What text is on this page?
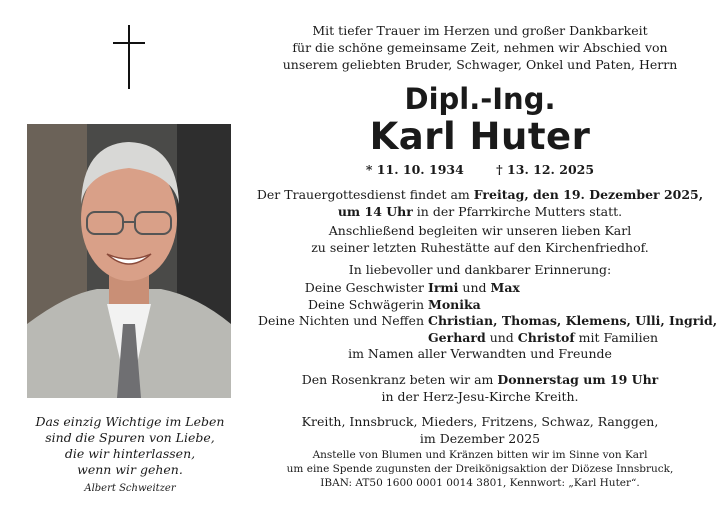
Mit tiefer Trauer im Herzen und großer Dankbarkeit
für die schöne gemeinsame Zeit, nehmen wir Abschied von
unserem geliebten Bruder, Schwager, Onkel und Paten, Herrn
Dipl.-Ing.
Karl Huter
* 11. 10. 1934	† 13. 12. 2025
Der Trauergottesdienst findet am Freitag, den 19. Dezember 2025,
um 14 Uhr in der Pfarrkirche Mutters statt.
Anschließend begleiten wir unseren lieben Karl
zu seiner letzten Ruhestätte auf den Kirchenfriedhof.
In liebevoller und dankbarer Erinnerung:
Deine Geschwister Irmi und Max
Deine Schwägerin Monika
Deine Nichten und Neffen Christian, Thomas, Klemens, Ulli, Ingrid,
Gerhard und Christof mit Familien
im Namen aller Verwandten und Freunde
Den Rosenkranz beten wir am Donnerstag um 19 Uhr
in der Herz-Jesu-Kirche Kreith.
Kreith, Innsbruck, Mieders, Fritzens, Schwaz, Ranggen,
im Dezember 2025
Anstelle von Blumen und Kränzen bitten wir im Sinne von Karl
um eine Spende zugunsten der Dreikönigsaktion der Diözese Innsbruck,
IBAN: AT50 1600 0001 0014 3801, Kennwort: „Karl Huter“.
Das einzig Wichtige im Leben
sind die Spuren von Liebe,
die wir hinterlassen,
wenn wir gehen.
Albert Schweitzer
